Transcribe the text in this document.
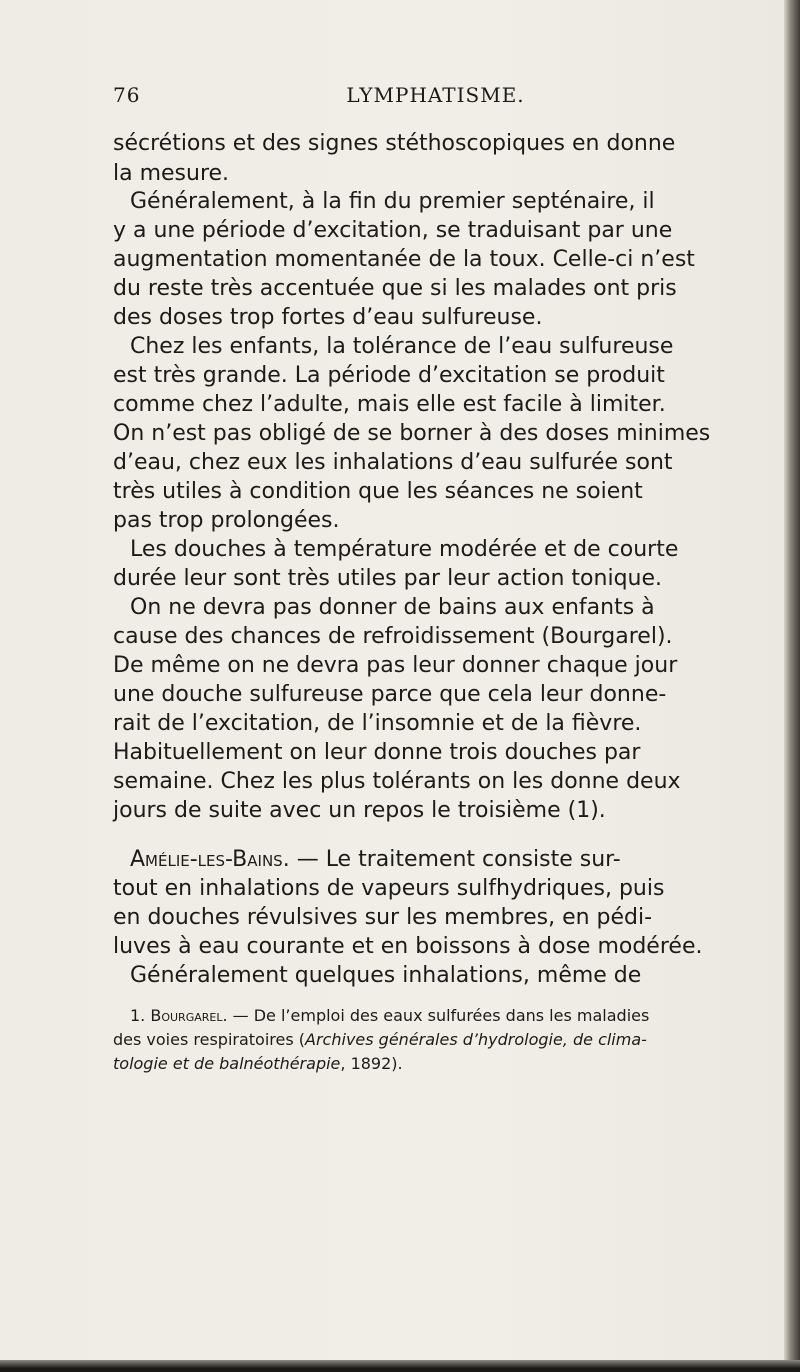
76	LYMPHATISME.
sécrétions et des signes stéthoscopiques en donne
la mesure.
Généralement, à la fin du premier septénaire, il
y a une période d’excitation, se traduisant par une
augmentation momentanée de la toux. Celle-ci n’est
du reste très accentuée que si les malades ont pris
des doses trop fortes d’eau sulfureuse.
Chez les enfants, la tolérance de l’eau sulfureuse
est très grande. La période d’excitation se produit
comme chez l’adulte, mais elle est facile à limiter.
On n’est pas obligé de se borner à des doses minimes
d’eau, chez eux les inhalations d’eau sulfurée sont
très utiles à condition que les séances ne soient
pas trop prolongées.
Les douches à température modérée et de courte
durée leur sont très utiles par leur action tonique.
On ne devra pas donner de bains aux enfants à
cause des chances de refroidissement (Bourgarel).
De même on ne devra pas leur donner chaque jour
une douche sulfureuse parce que cela leur donne-
rait de l’excitation, de l’insomnie et de la fièvre.
Habituellement on leur donne trois douches par
semaine. Chez les plus tolérants on les donne deux
jours de suite avec un repos le troisième (1).
Amélie-les-Bains. — Le traitement consiste sur-
tout en inhalations de vapeurs sulfhydriques, puis
en douches révulsives sur les membres, en pédi-
luves à eau courante et en boissons à dose modérée.
Généralement quelques inhalations, même de
1. Bourgarel. — De l’emploi des eaux sulfurées dans les maladies
des voies respiratoires (Archives générales d’hydrologie, de clima-
tologie et de balnéothérapie, 1892).
